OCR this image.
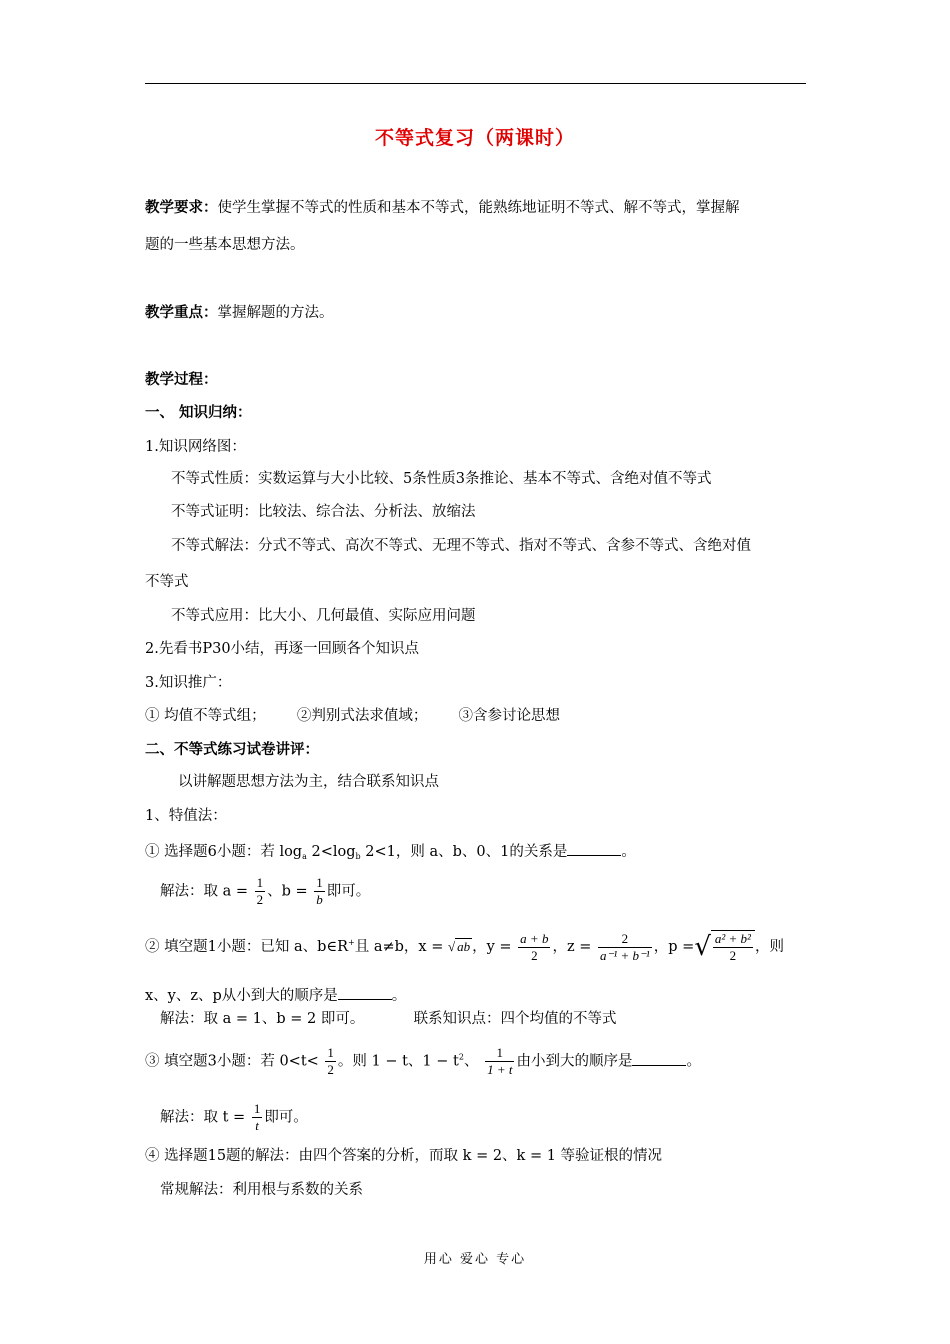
不等式复习（两课时）
教学要求：使学生掌握不等式的性质和基本不等式，能熟练地证明不等式、解不等式，掌握解
题的一些基本思想方法。
教学重点：掌握解题的方法。
教学过程：
一、 知识归纳：
1.知识网络图：
不等式性质：实数运算与大小比较、5条性质3条推论、基本不等式、含绝对值不等式
不等式证明：比较法、综合法、分析法、放缩法
不等式解法：分式不等式、高次不等式、无理不等式、指对不等式、含参不等式、含绝对值
不等式
不等式应用：比大小、几何最值、实际应用问题
2.先看书P30小结，再逐一回顾各个知识点
3.知识推广：
① 均值不等式组； ②判别式法求值域； ③含参讨论思想
二、不等式练习试卷讲评：
以讲解题思想方法为主，结合联系知识点
1、特值法：
① 选择题6小题：若 $\log_a 2<\log_b$ 2<1，则 a、b、0、1的关系是	。
解法：取 $a = \frac{1}{2}$ 、$b = \frac{1}{b}$ 即可。
② 填空题1小题：已知 a、b∈R+且 a≠b，x = √ ab ，$y = \frac{a + b}{2}$ ，$z = \frac{2}{\text{a⁻¹ + b⁻¹}}$ ，p =√ $\frac{\text{a² + b²}}{2}$ ，则
x、y、z、p从小到大的顺序是	。
解法：取 a = 1、b = 2 即可。	联系知识点：四个均值的不等式
③ 填空题3小题：若 $0<t< \frac{1}{2}$ 。则 1 − t、$1 - t^2$、 $\frac{1}{1 + t}$ 由小到大的顺序是	。
解法：取 $t = \frac{1}{t}$ 即可。
④ 选择题15题的解法：由四个答案的分析，而取 k = 2、k = 1 等验证根的情况
常规解法：利用根与系数的关系
用心 爱心 专心
